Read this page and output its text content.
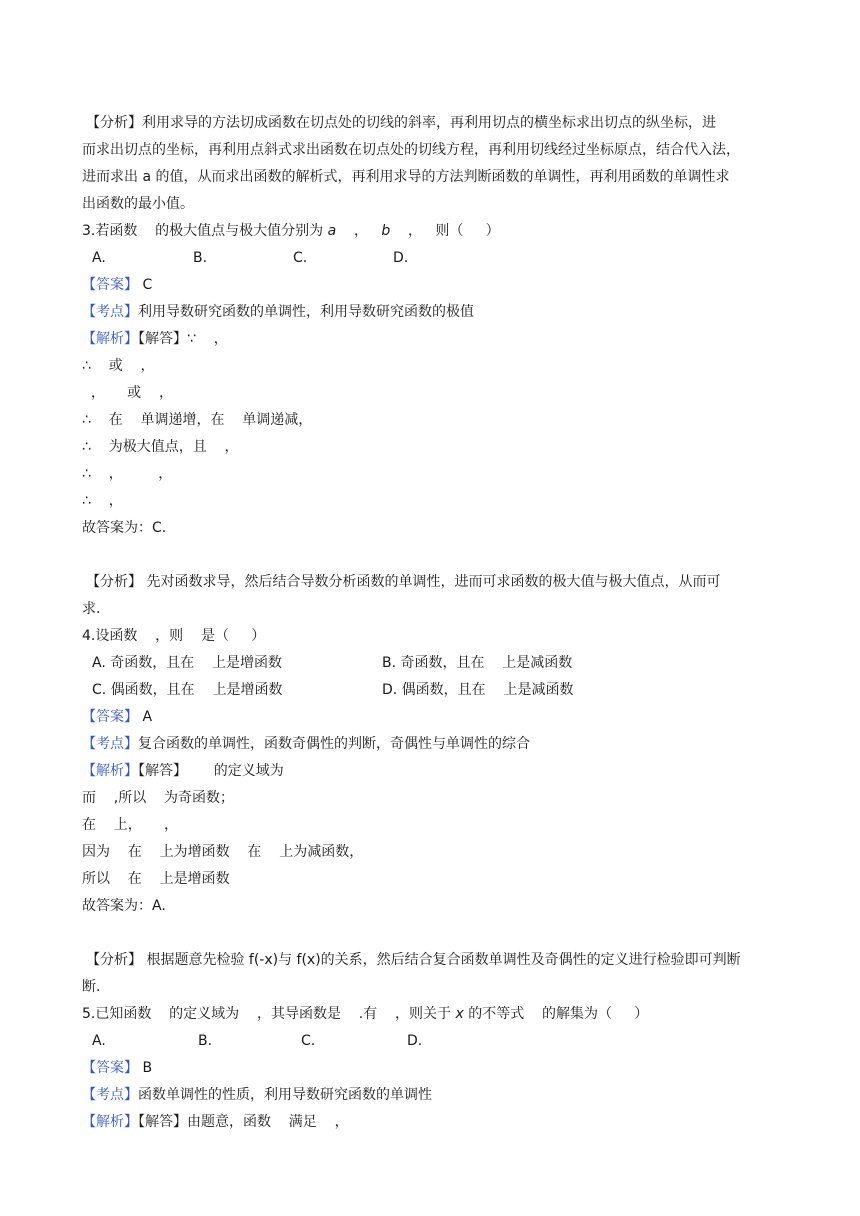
【分析】利用求导的方法切成函数在切点处的切线的斜率，再利用切点的横坐标求出切点的纵坐标，进
而求出切点的坐标，再利用点斜式求出函数在切点处的切线方程，再利用切线经过坐标原点，结合代入法，
进而求出 a 的值，从而求出函数的解析式，再利用求导的方法判断函数的单调性，再利用函数的单调性求
出函数的最小值。
3.若函数    的极大值点与极大值分别为 a    ，   b    ，   则（     ）

A.

	B.

	C.

	D.

【答案】 C
【考点】利用导数研究函数的单调性，利用导数研究函数的极值
【解析】【解答】∵    ，
∴    或    ，
，     或    ，
∴    在    单调递增，在    单调递减，
∴    为极大值点，且    ，
∴    ，        ，
∴    ，
故答案为：C.
【分析】 先对函数求导，然后结合导数分析函数的单调性，进而可求函数的极大值与极大值点，从而可
求.
4.设函数    ，则    是（     ）

A. 奇函数，且在    上是增函数

	B. 奇函数，且在    上是减函数

C. 偶函数，且在    上是增函数

	D. 偶函数，且在    上是减函数

【答案】 A
【考点】复合函数的单调性，函数奇偶性的判断，奇偶性与单调性的综合
【解析】【解答】      的定义域为
而    ,所以    为奇函数；
在    上，     ，
因为    在    上为增函数    在    上为减函数，
所以    在    上是增函数
故答案为：A.
【分析】 根据题意先检验 f(-x)与 f(x)的关系，然后结合复合函数单调性及奇偶性的定义进行检验即可判断
断.
5.已知函数    的定义域为    ，其导函数是    .有    ，则关于 x 的不等式    的解集为（     ）

A.

	B.

	C.

	D.

【答案】 B
【考点】函数单调性的性质，利用导数研究函数的单调性
【解析】【解答】由题意，函数    满足    ，
